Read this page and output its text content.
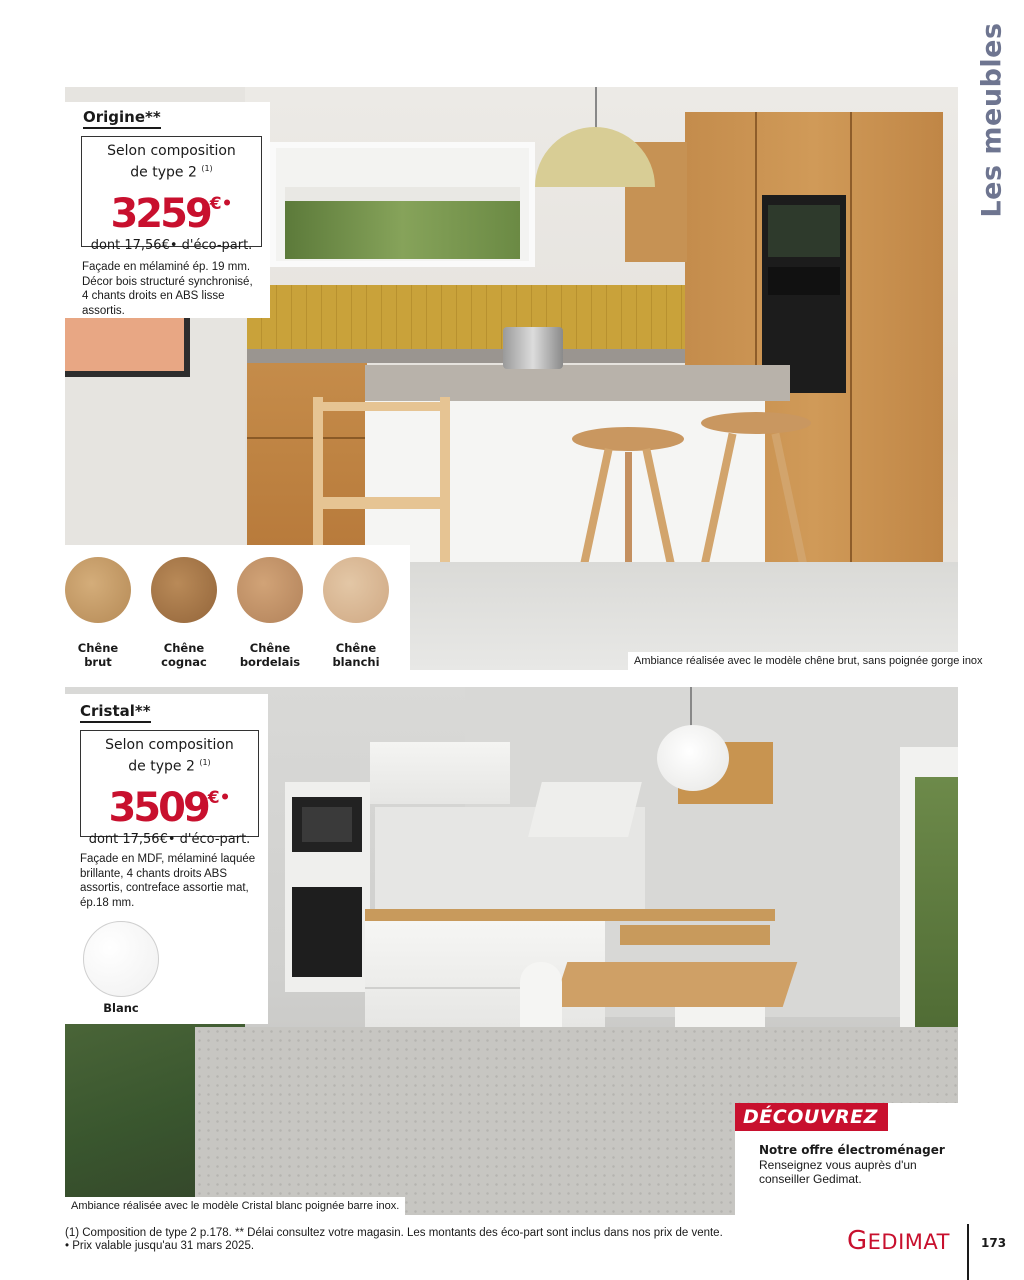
Les meubles
Origine**
Selon composition
de type 2 $^{(1)}$
3259€•
dont 17,56€• d'éco-part.
Façade en mélaminé ép. 19 mm.
Décor bois structuré synchronisé,
4 chants droits en ABS lisse assortis.
Chêne
brut
Chêne
cognac
Chêne
bordelais
Chêne
blanchi	Ambiance réalisée avec le modèle chêne brut, sans poignée gorge inox
Cristal**
Selon composition
de type 2 $^{(1)}$
3509€•
dont 17,56€• d'éco-part.
Façade en MDF, mélaminé laquée
brillante, 4 chants droits ABS
assortis, contreface assortie mat,
ép.18 mm.
Blanc
Ambiance réalisée avec le modèle Cristal blanc poignée barre inox.
DÉCOUVREZ
Notre offre électroménager
Renseignez vous auprès d'un conseiller Gedimat.
(1) Composition de type 2 p.178. ** Délai consultez votre magasin. Les montants des éco-part sont inclus dans nos prix de vente.
• Prix valable jusqu'au 31 mars 2025.	GEDIMAT	173
